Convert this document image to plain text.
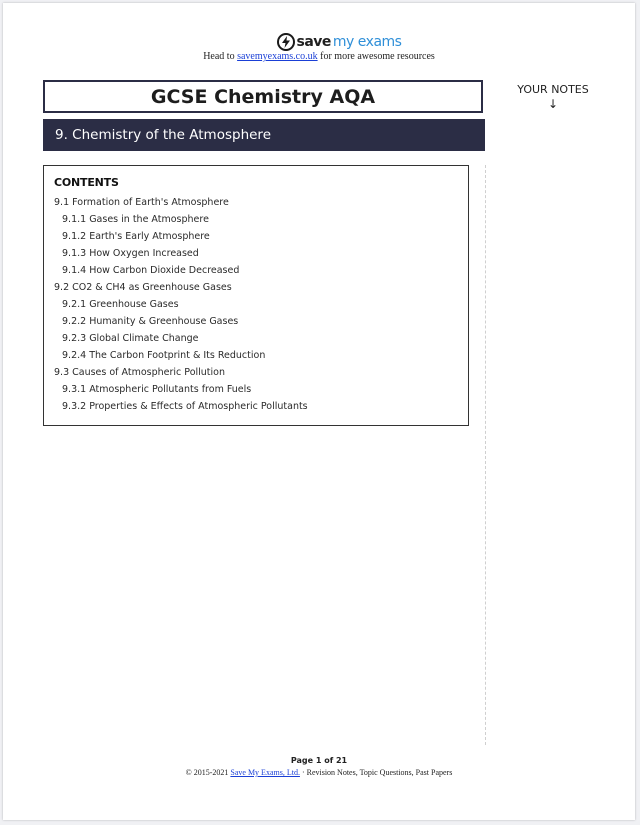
save my exams
Head to savemyexams.co.uk for more awesome resources
GCSE Chemistry AQA	YOUR NOTES
↓
9. Chemistry of the Atmosphere
CONTENTS
9.1 Formation of Earth's Atmosphere
9.1.1 Gases in the Atmosphere
9.1.2 Earth's Early Atmosphere
9.1.3 How Oxygen Increased
9.1.4 How Carbon Dioxide Decreased
9.2 CO2 & CH4 as Greenhouse Gases
9.2.1 Greenhouse Gases
9.2.2 Humanity & Greenhouse Gases
9.2.3 Global Climate Change
9.2.4 The Carbon Footprint & Its Reduction
9.3 Causes of Atmospheric Pollution
9.3.1 Atmospheric Pollutants from Fuels
9.3.2 Properties & Effects of Atmospheric Pollutants
Page 1 of 21
© 2015-2021 Save My Exams, Ltd. · Revision Notes, Topic Questions, Past Papers
